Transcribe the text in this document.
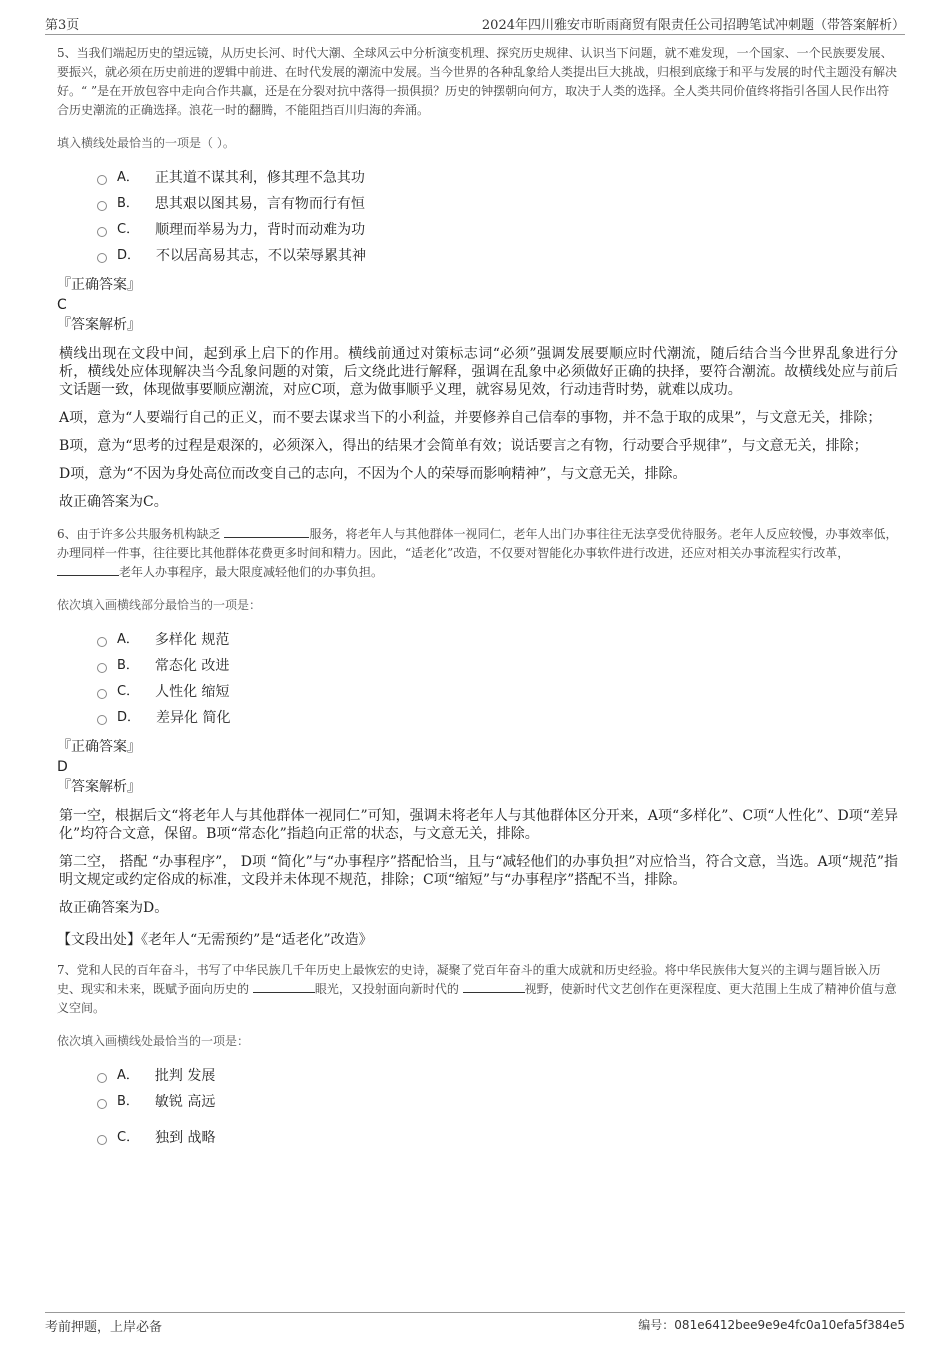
第3页	2024年四川雅安市昕雨商贸有限责任公司招聘笔试冲刺题（带答案解析）

5、当我们端起历史的望远镜，从历史长河、时代大潮、全球风云中分析演变机理、探究历史规律、认识当下问题，就不难发现，一个国家、一个民族要发展、要振兴，就必须在历史前进的逻辑中前进、在时代发展的潮流中发展。当今世界的各种乱象给人类提出巨大挑战，归根到底缘于和平与发展的时代主题没有解决好。“ ”是在开放包容中走向合作共赢，还是在分裂对抗中落得一损俱损？历史的钟摆朝向何方，取决于人类的选择。全人类共同价值终将指引各国人民作出符合历史潮流的正确选择。浪花一时的翻腾，不能阻挡百川归海的奔涌。

填入横线处最恰当的一项是（ ）。
A． 正其道不谋其利，修其理不急其功
B． 思其艰以图其易，言有物而行有恒
C． 顺理而举易为力，背时而动难为功
D． 不以居高易其志，不以荣辱累其神
『正确答案』
C
『答案解析』

横线出现在文段中间，起到承上启下的作用。横线前通过对策标志词“必须”强调发展要顺应时代潮流，随后结合当今世界乱象进行分析，横线处应体现解决当今乱象问题的对策，后文绕此进行解释，强调在乱象中必须做好正确的抉择，要符合潮流。故横线处应与前后文话题一致，体现做事要顺应潮流，对应C项，意为做事顺乎义理，就容易见效，行动违背时势，就难以成功。

A项，意为“人要端行自己的正义，而不要去谋求当下的小利益，并要修养自己信奉的事物，并不急于取的成果”，与文意无关，排除；

B项，意为“思考的过程是艰深的，必须深入，得出的结果才会简单有效；说话要言之有物，行动要合乎规律”，与文意无关，排除；

D项，意为“不因为身处高位而改变自己的志向，不因为个人的荣辱而影响精神”，与文意无关，排除。

故正确答案为C。

6、由于许多公共服务机构缺乏	服务，将老年人与其他群体一视同仁，老年人出门办事往往无法享受优待服务。老年人反应较慢，办事效率低，办理同样一件事，往往要比其他群体花费更多时间和精力。因此，“适老化”改造，不仅要对智能化办事软件进行改进，还应对相关办事流程实行改革， 老年人办事程序，最大限度减轻他们的办事负担。

依次填入画横线部分最恰当的一项是：
A． 多样化 规范
B． 常态化 改进
C． 人性化 缩短
D． 差异化 简化
『正确答案』
D
『答案解析』

第一空，根据后文“将老年人与其他群体一视同仁”可知，强调未将老年人与其他群体区分开来，A项“多样化”、C项“人性化”、D项“差异化”均符合文意，保留。B项“常态化”指趋向正常的状态，与文意无关，排除。

第二空， 搭配 “办事程序”， D项 “简化”与“办事程序”搭配恰当，且与“减轻他们的办事负担”对应恰当，符合文意，当选。A项“规范”指明文规定或约定俗成的标准，文段并未体现不规范，排除；C项“缩短”与“办事程序”搭配不当，排除。

故正确答案为D。

【文段出处】《老年人“无需预约”是“适老化”改造》

7、党和人民的百年奋斗，书写了中华民族几千年历史上最恢宏的史诗，凝聚了党百年奋斗的重大成就和历史经验。将中华民族伟大复兴的主调与题旨嵌入历史、现实和未来，既赋予面向历史的	眼光，又投射面向新时代的	视野，使新时代文艺创作在更深程度、更大范围上生成了精神价值与意义空间。

依次填入画横线处最恰当的一项是：
A． 批判 发展
B． 敏锐 高远
C． 独到 战略
考前押题，上岸必备	编号：081e6412bee9e9e4fc0a10efa5f384e5
